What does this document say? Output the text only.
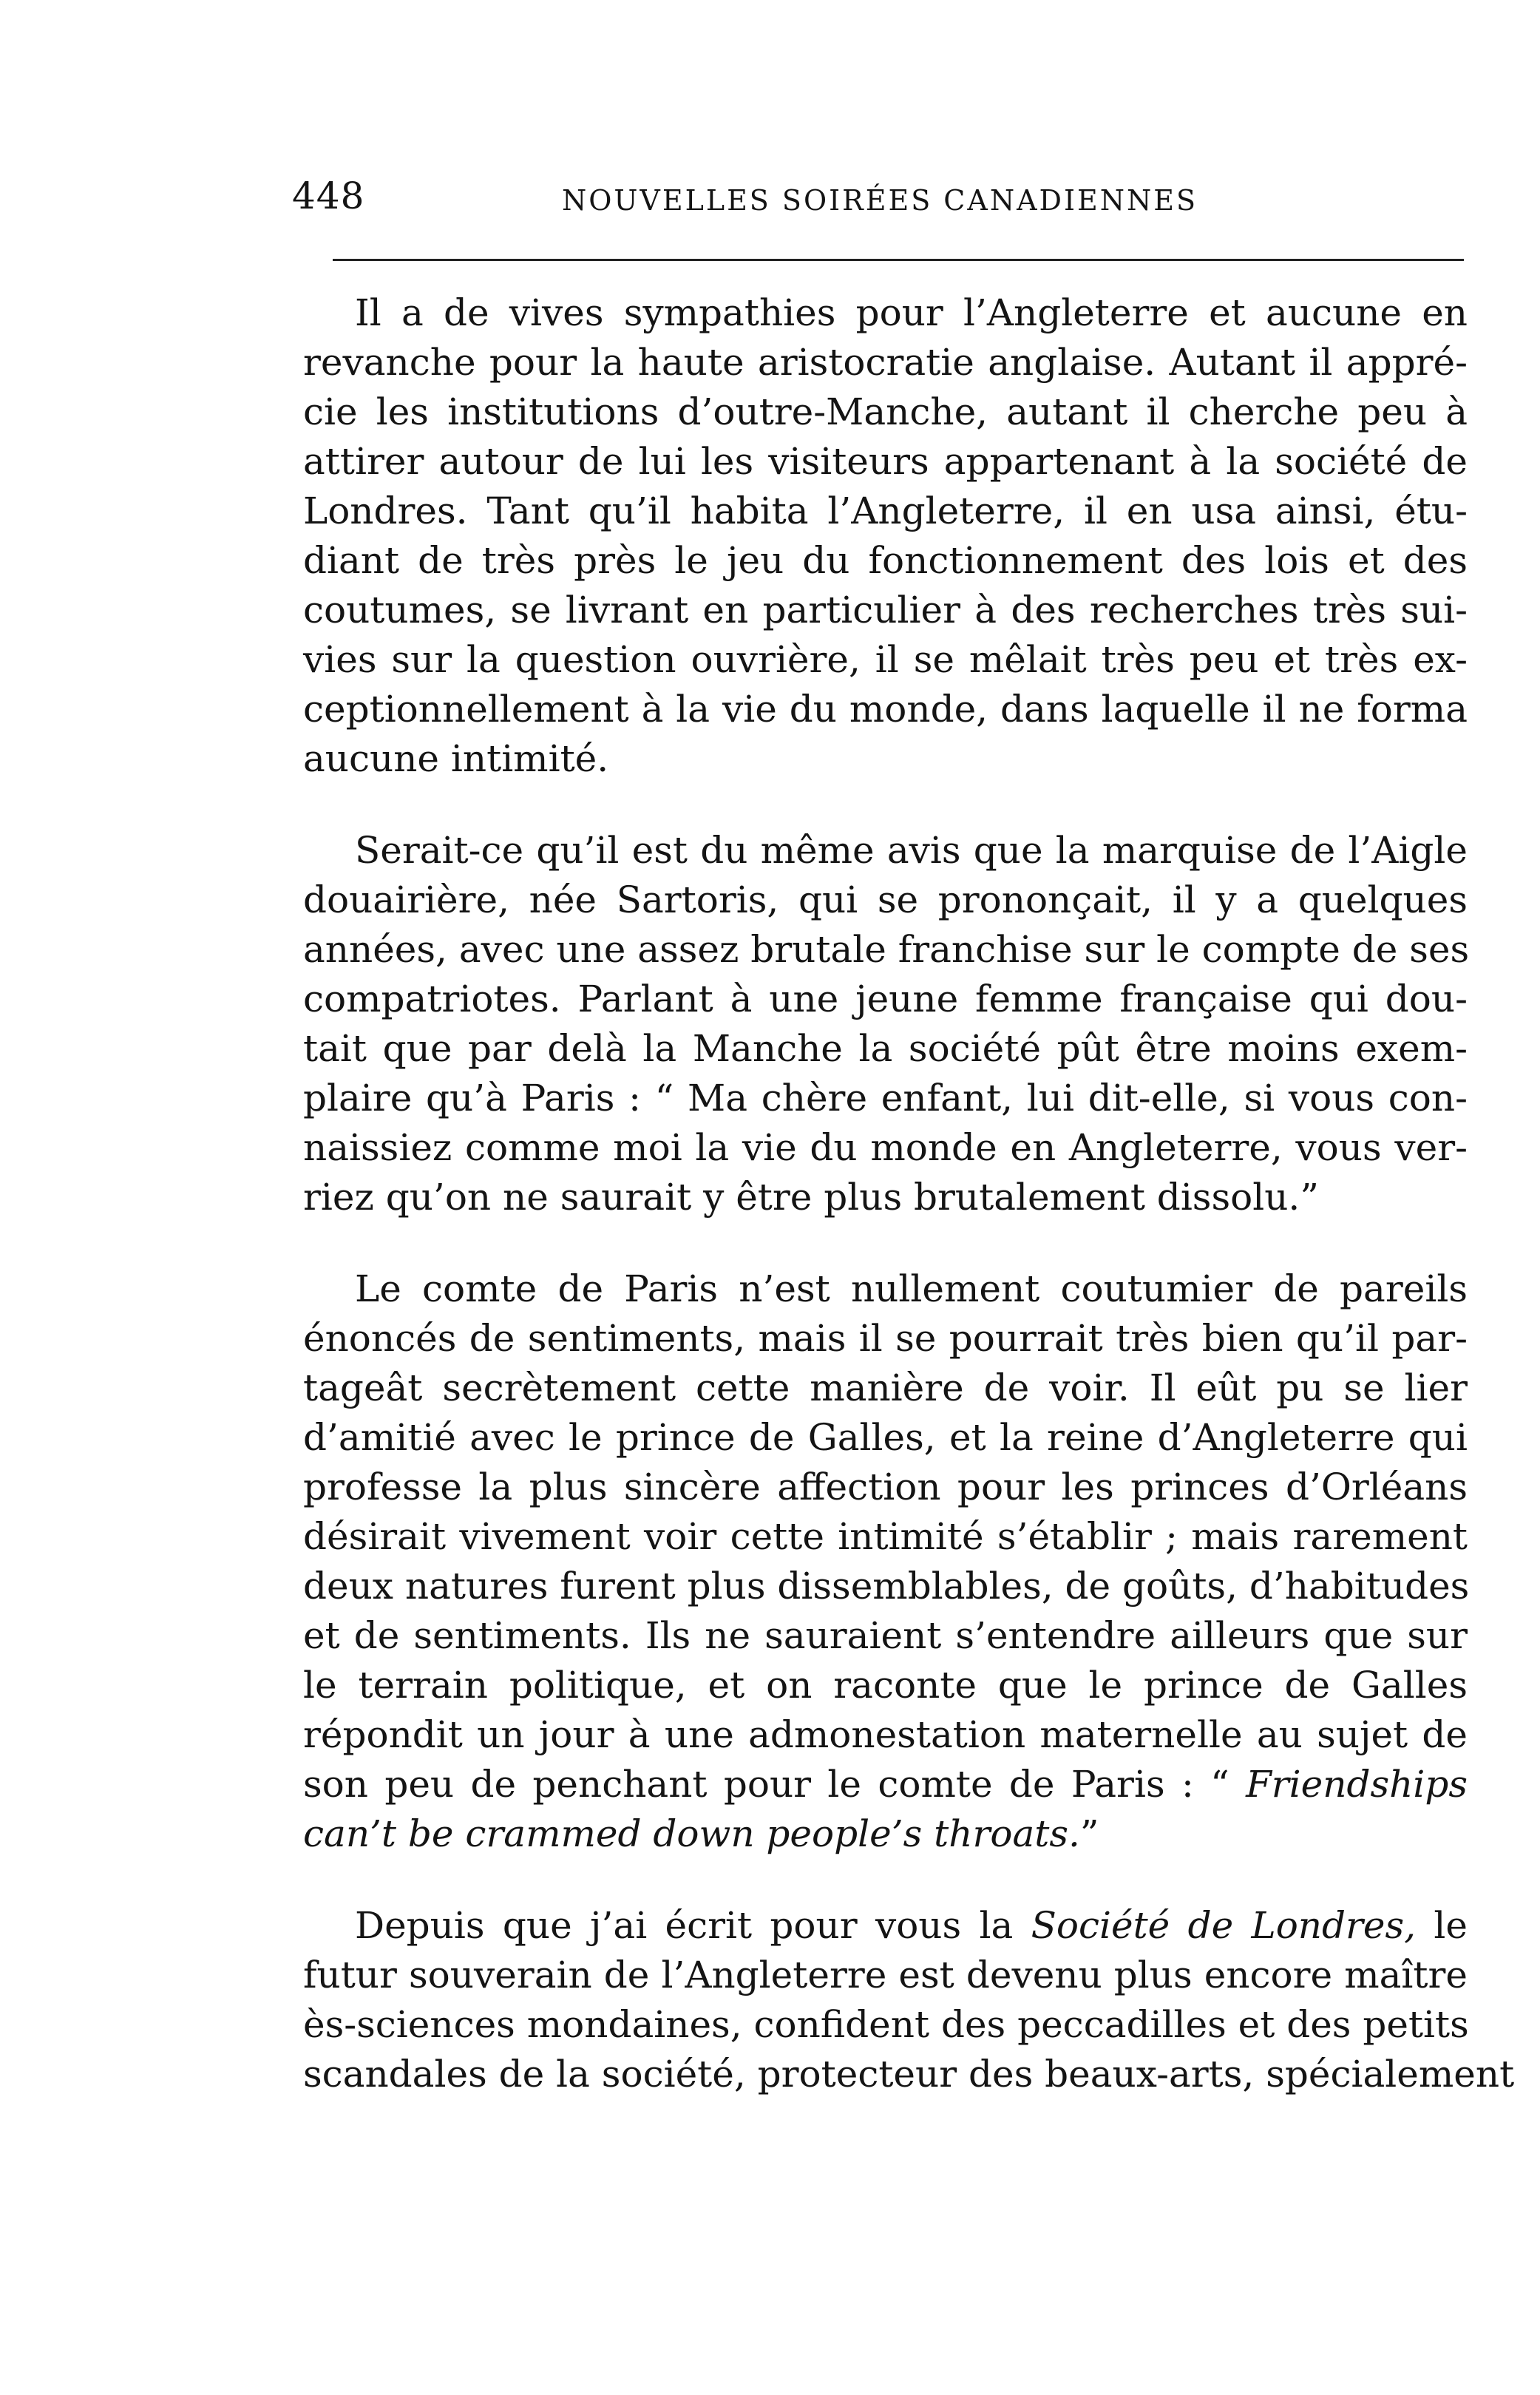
448	NOUVELLES SOIRÉES CANADIENNES

Il a de vives sympathies pour l’Angleterre et aucune en
revanche pour la haute aristocratie anglaise. Autant il appré-
cie les institutions d’outre-Manche, autant il cherche peu à
attirer autour de lui les visiteurs appartenant à la société de
Londres. Tant qu’il habita l’Angleterre, il en usa ainsi, étu-
diant de très près le jeu du fonctionnement des lois et des
coutumes, se livrant en particulier à des recherches très sui-
vies sur la question ouvrière, il se mêlait très peu et très ex-
ceptionnellement à la vie du monde, dans laquelle il ne forma
aucune intimité.

Serait-ce qu’il est du même avis que la marquise de l’Aigle
douairière, née Sartoris, qui se prononçait, il y a quelques
années, avec une assez brutale franchise sur le compte de ses
compatriotes. Parlant à une jeune femme française qui dou-
tait que par delà la Manche la société pût être moins exem-
plaire qu’à Paris : “ Ma chère enfant, lui dit-elle, si vous con-
naissiez comme moi la vie du monde en Angleterre, vous ver-
riez qu’on ne saurait y être plus brutalement dissolu.”

Le comte de Paris n’est nullement coutumier de pareils
énoncés de sentiments, mais il se pourrait très bien qu’il par-
tageât secrètement cette manière de voir. Il eût pu se lier
d’amitié avec le prince de Galles, et la reine d’Angleterre qui
professe la plus sincère affection pour les princes d’Orléans
désirait vivement voir cette intimité s’établir ; mais rarement
deux natures furent plus dissemblables, de goûts, d’habitudes
et de sentiments. Ils ne sauraient s’entendre ailleurs que sur
le terrain politique, et on raconte que le prince de Galles
répondit un jour à une admonestation maternelle au sujet de
son peu de penchant pour le comte de Paris : “ Friendships
can’t be crammed down people’s throats.”

Depuis que j’ai écrit pour vous la Société de Londres, le
futur souverain de l’Angleterre est devenu plus encore maître
ès-sciences mondaines, confident des peccadilles et des petits
scandales de la société, protecteur des beaux-arts, spécialement
